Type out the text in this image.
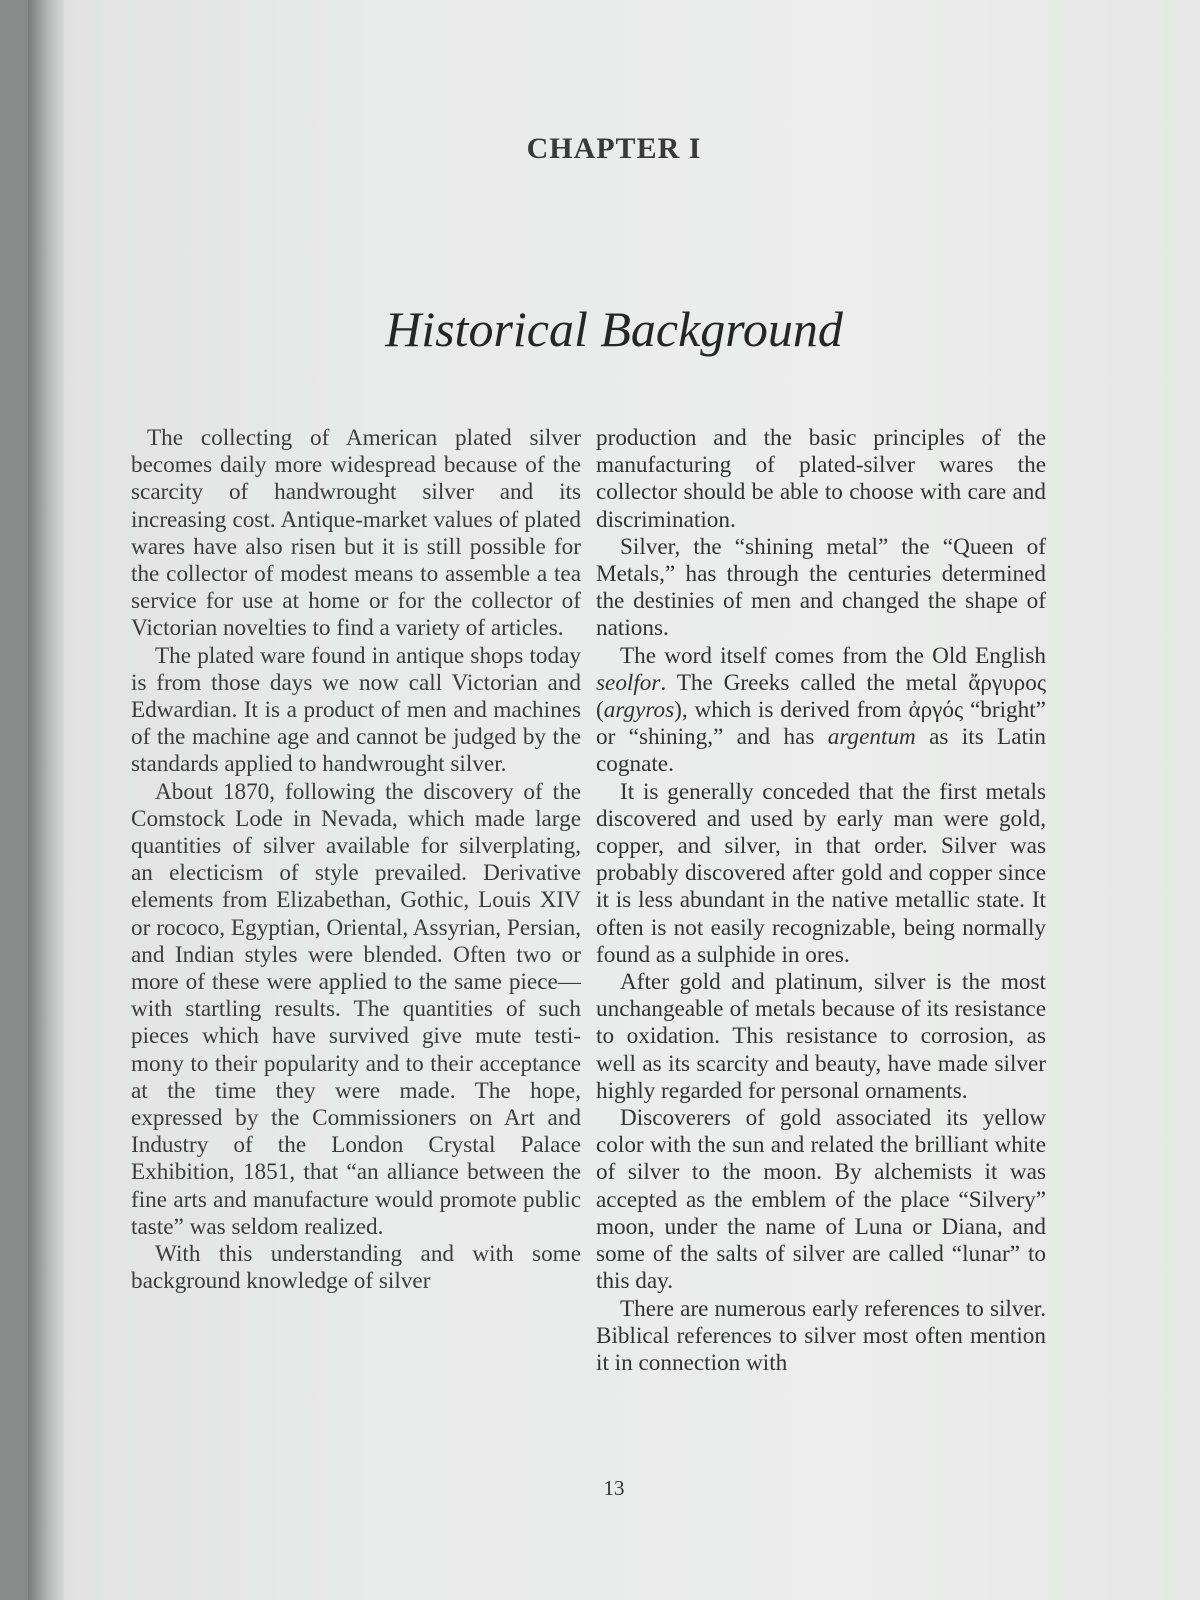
CHAPTER I
Historical Background

The collecting of American plated silver becomes daily more widespread because of the scarcity of handwrought silver and its increasing cost. Antique-market values of plated wares have also risen but it is still possible for the collector of modest means to assemble a tea service for use at home or for the collector of Victorian novelties to find a variety of articles.

The plated ware found in antique shops today is from those days we now call Victorian and Edwardian. It is a product of men and machines of the machine age and cannot be judged by the standards applied to handwrought silver.

About 1870, following the discovery of the Comstock Lode in Nevada, which made large quantities of silver available for silverplating, an electicism of style prevailed. Derivative elements from Elizabethan, Gothic, Louis XIV or rococo, Egyptian, Oriental, Assyrian, Persian, and Indian styles were blended. Often two or more of these were applied to the same piece—with startling results. The quantities of such pieces which have survived give mute testimony to their popularity and to their acceptance at the time they were made. The hope, expressed by the Commissioners on Art and Industry of the London Crystal Palace Exhibition, 1851, that “an alliance between the fine arts and manufacture would promote public taste” was seldom realized.

With this understanding and with some background knowledge of silver

production and the basic principles of the manufacturing of plated-silver wares the collector should be able to choose with care and discrimination.

Silver, the “shining metal” the “Queen of Metals,” has through the centuries determined the destinies of men and changed the shape of nations.

The word itself comes from the Old English seolfor. The Greeks called the metal ἄργυρος (argyros), which is derived from ἀργός “bright” or “shining,” and has argentum as its Latin cognate.

It is generally conceded that the first metals discovered and used by early man were gold, copper, and silver, in that order. Silver was probably discovered after gold and copper since it is less abundant in the native metallic state. It often is not easily recognizable, being normally found as a sulphide in ores.

After gold and platinum, silver is the most unchangeable of metals because of its resistance to oxidation. This resistance to corrosion, as well as its scarcity and beauty, have made silver highly regarded for personal ornaments.

Discoverers of gold associated its yellow color with the sun and related the brilliant white of silver to the moon. By alchemists it was accepted as the emblem of the place “Silvery” moon, under the name of Luna or Diana, and some of the salts of silver are called “lunar” to this day.

There are numerous early references to silver. Biblical references to silver most often mention it in connection with

13
